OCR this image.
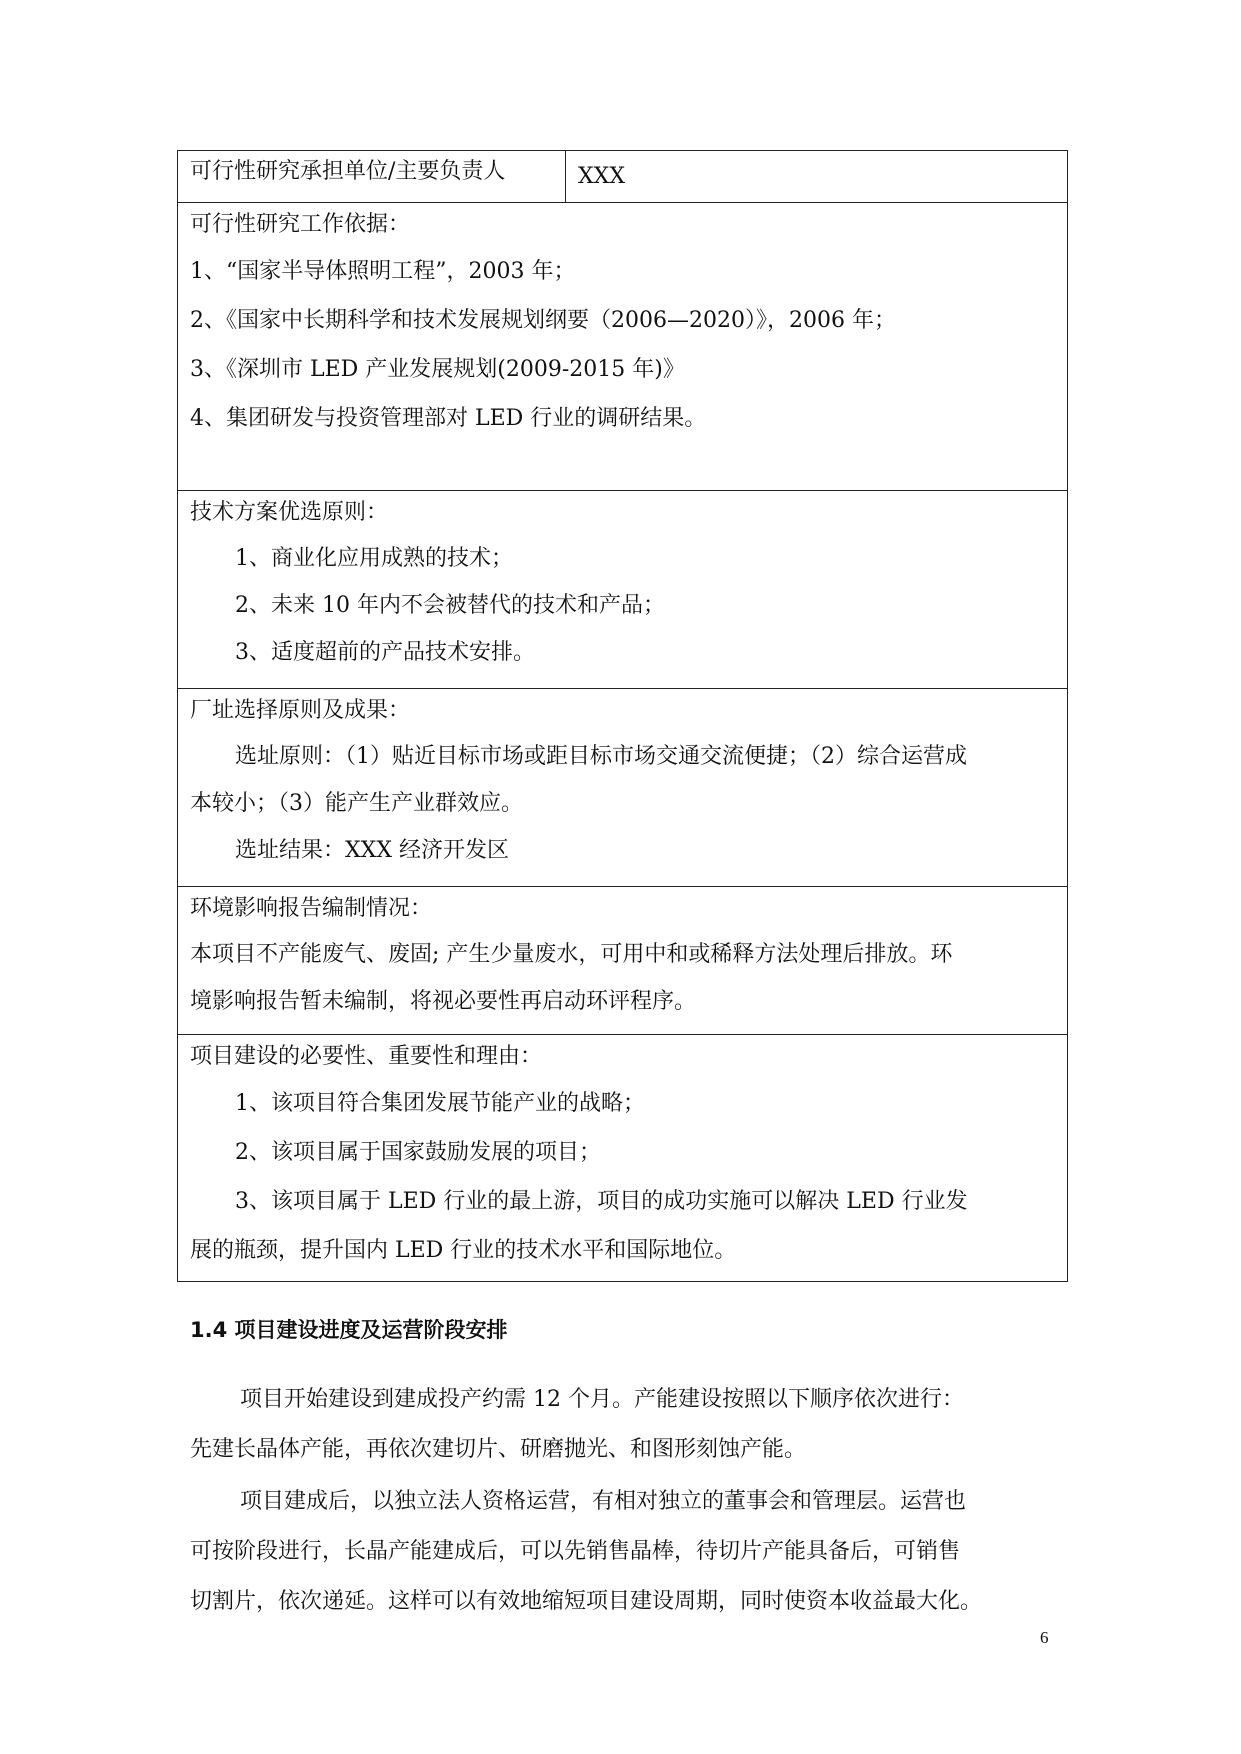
可行性研究承担单位/主要负责人	XXX
可行性研究工作依据：
1、“国家半导体照明工程”，2003 年；
2、《国家中长期科学和技术发展规划纲要（2006—2020）》，2006 年；
3、《深圳市 LED 产业发展规划(2009-2015 年)》
4、集团研发与投资管理部对 LED 行业的调研结果。
技术方案优选原则：
1、商业化应用成熟的技术；
2、未来 10 年内不会被替代的技术和产品；
3、适度超前的产品技术安排。
厂址选择原则及成果：
选址原则：（1）贴近目标市场或距目标市场交通交流便捷；（2）综合运营成
本较小；（3）能产生产业群效应。
选址结果：XXX 经济开发区
环境影响报告编制情况：
本项目不产能废气、废固; 产生少量废水，可用中和或稀释方法处理后排放。环
境影响报告暂未编制，将视必要性再启动环评程序。
项目建设的必要性、重要性和理由：
1、该项目符合集团发展节能产业的战略；
2、该项目属于国家鼓励发展的项目；
3、该项目属于 LED 行业的最上游，项目的成功实施可以解决 LED 行业发
展的瓶颈，提升国内 LED 行业的技术水平和国际地位。
1.4 项目建设进度及运营阶段安排
项目开始建设到建成投产约需 12 个月。产能建设按照以下顺序依次进行：
先建长晶体产能，再依次建切片、研磨抛光、和图形刻蚀产能。
项目建成后，以独立法人资格运营，有相对独立的董事会和管理层。运营也
可按阶段进行，长晶产能建成后，可以先销售晶棒，待切片产能具备后，可销售
切割片，依次递延。这样可以有效地缩短项目建设周期，同时使资本收益最大化。
6
